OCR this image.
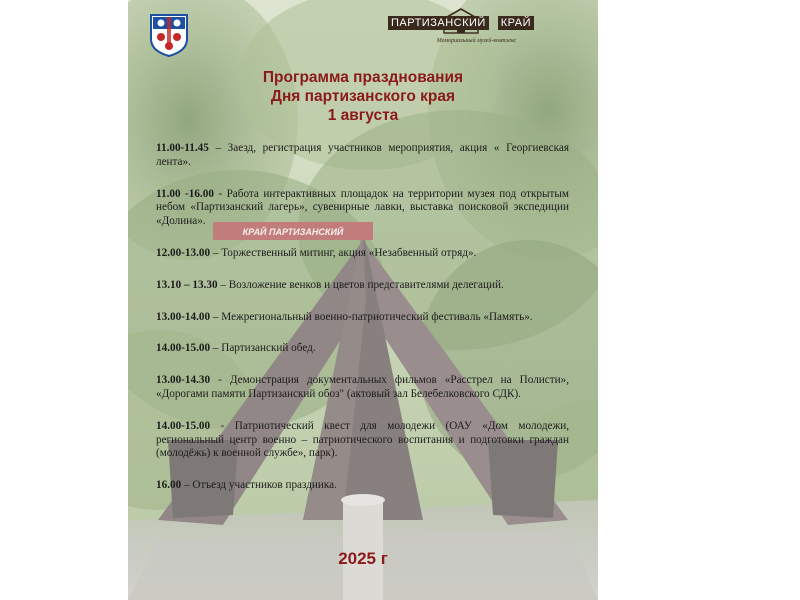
КРАЙ ПАРТИЗАНСКИЙ
ПАРТИЗАНСКИЙ КРАЙ
Мемориальный музей-комплекс
Программа празднования
Дня партизанского края
1 августа

11.00-11.45 – Заезд, регистрация участников мероприятия, акция « Георгиевская лента».

11.00 -16.00 - Работа интерактивных площадок на территории музея под открытым небом «Партизанский лагерь», сувенирные лавки, выставка поисковой экспедиции «Долина».

12.00-13.00 – Торжественный митинг, акция «Незабвенный отряд».

13.10 – 13.30 – Возложение венков и цветов представителями делегаций.

13.00-14.00 – Межрегиональный военно-патриотический фестиваль «Память».

14.00-15.00 – Партизанский обед.

13.00-14.30 - Демонстрация документальных фильмов «Расстрел на Полисти», «Дорогами памяти Партизанский обоз" (актовый зал Белебелковского СДК).

14.00-15.00 - Патриотический квест для молодежи (ОАУ «Дом молодежи, региональный центр военно – патриотического воспитания и подготовки граждан (молодёжь) к военной службе», парк).

16.00 – Отъезд участников праздника.

2025 г
